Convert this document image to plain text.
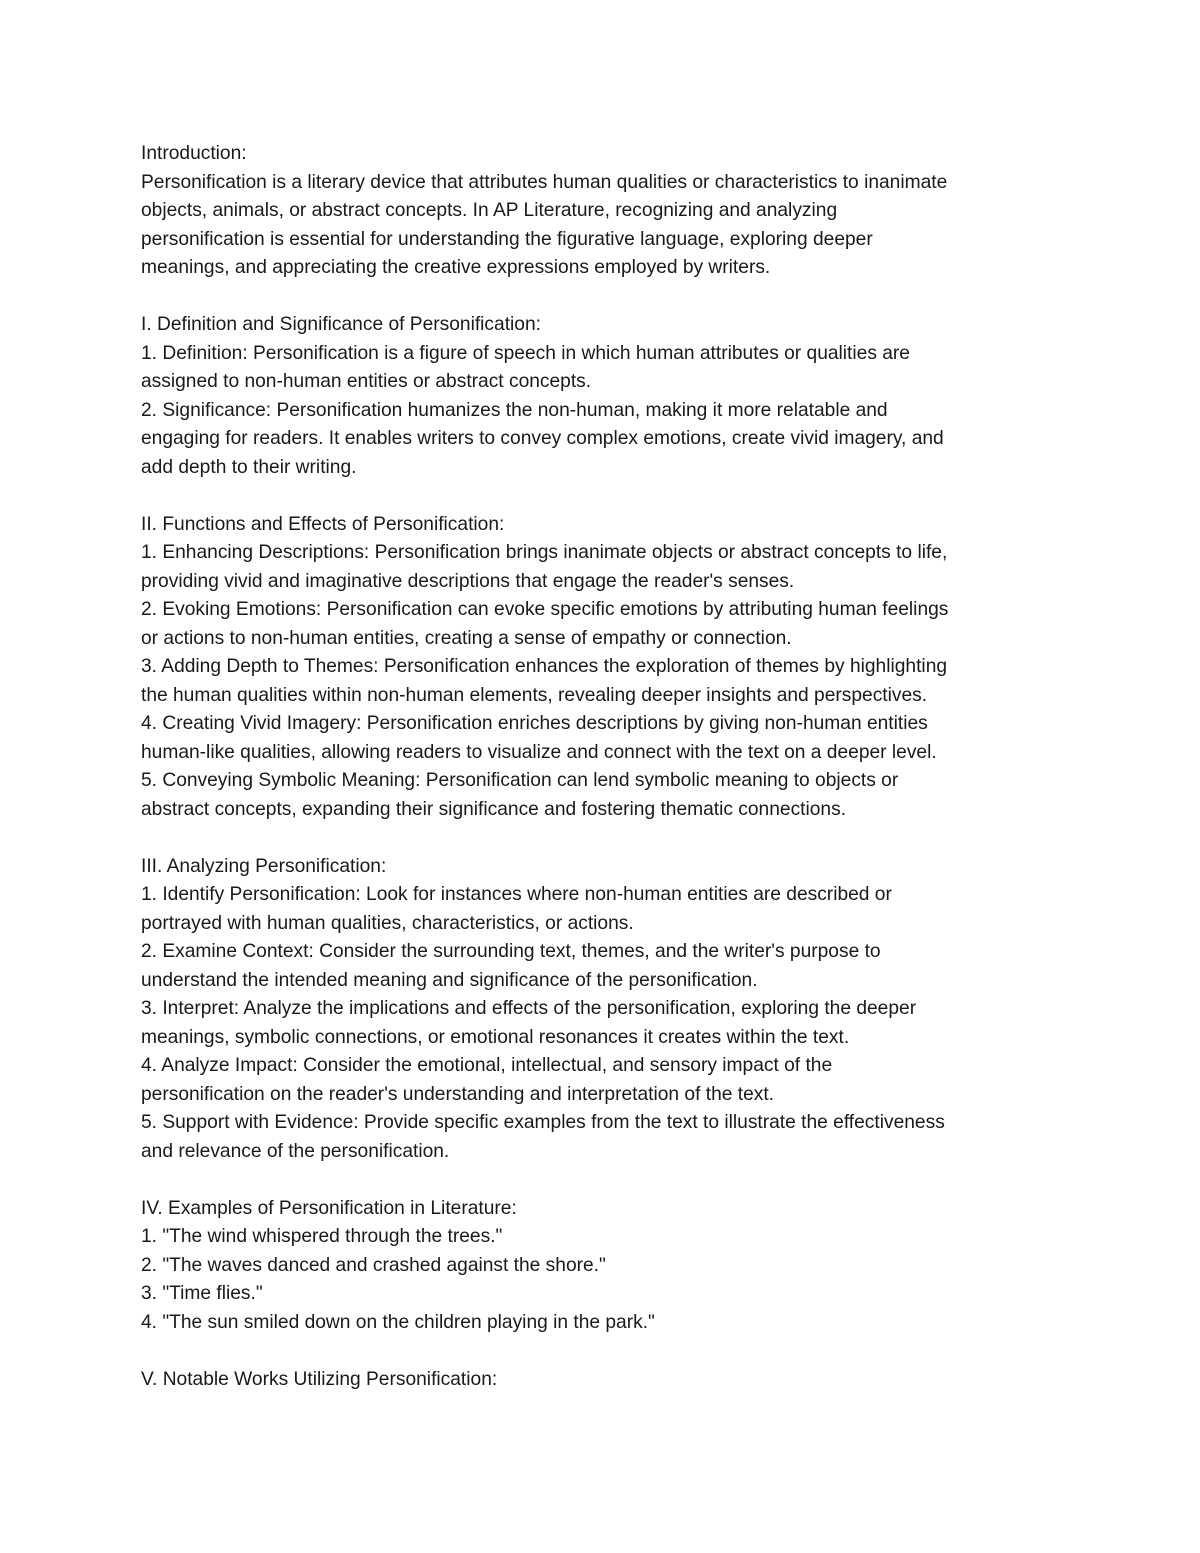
Introduction:
Personification is a literary device that attributes human qualities or characteristics to inanimate
objects, animals, or abstract concepts. In AP Literature, recognizing and analyzing
personification is essential for understanding the figurative language, exploring deeper
meanings, and appreciating the creative expressions employed by writers.
I. Definition and Significance of Personification:
1. Definition: Personification is a figure of speech in which human attributes or qualities are
assigned to non-human entities or abstract concepts.
2. Significance: Personification humanizes the non-human, making it more relatable and
engaging for readers. It enables writers to convey complex emotions, create vivid imagery, and
add depth to their writing.
II. Functions and Effects of Personification:
1. Enhancing Descriptions: Personification brings inanimate objects or abstract concepts to life,
providing vivid and imaginative descriptions that engage the reader's senses.
2. Evoking Emotions: Personification can evoke specific emotions by attributing human feelings
or actions to non-human entities, creating a sense of empathy or connection.
3. Adding Depth to Themes: Personification enhances the exploration of themes by highlighting
the human qualities within non-human elements, revealing deeper insights and perspectives.
4. Creating Vivid Imagery: Personification enriches descriptions by giving non-human entities
human-like qualities, allowing readers to visualize and connect with the text on a deeper level.
5. Conveying Symbolic Meaning: Personification can lend symbolic meaning to objects or
abstract concepts, expanding their significance and fostering thematic connections.
III. Analyzing Personification:
1. Identify Personification: Look for instances where non-human entities are described or
portrayed with human qualities, characteristics, or actions.
2. Examine Context: Consider the surrounding text, themes, and the writer's purpose to
understand the intended meaning and significance of the personification.
3. Interpret: Analyze the implications and effects of the personification, exploring the deeper
meanings, symbolic connections, or emotional resonances it creates within the text.
4. Analyze Impact: Consider the emotional, intellectual, and sensory impact of the
personification on the reader's understanding and interpretation of the text.
5. Support with Evidence: Provide specific examples from the text to illustrate the effectiveness
and relevance of the personification.
IV. Examples of Personification in Literature:
1. "The wind whispered through the trees."
2. "The waves danced and crashed against the shore."
3. "Time flies."
4. "The sun smiled down on the children playing in the park."
V. Notable Works Utilizing Personification:
